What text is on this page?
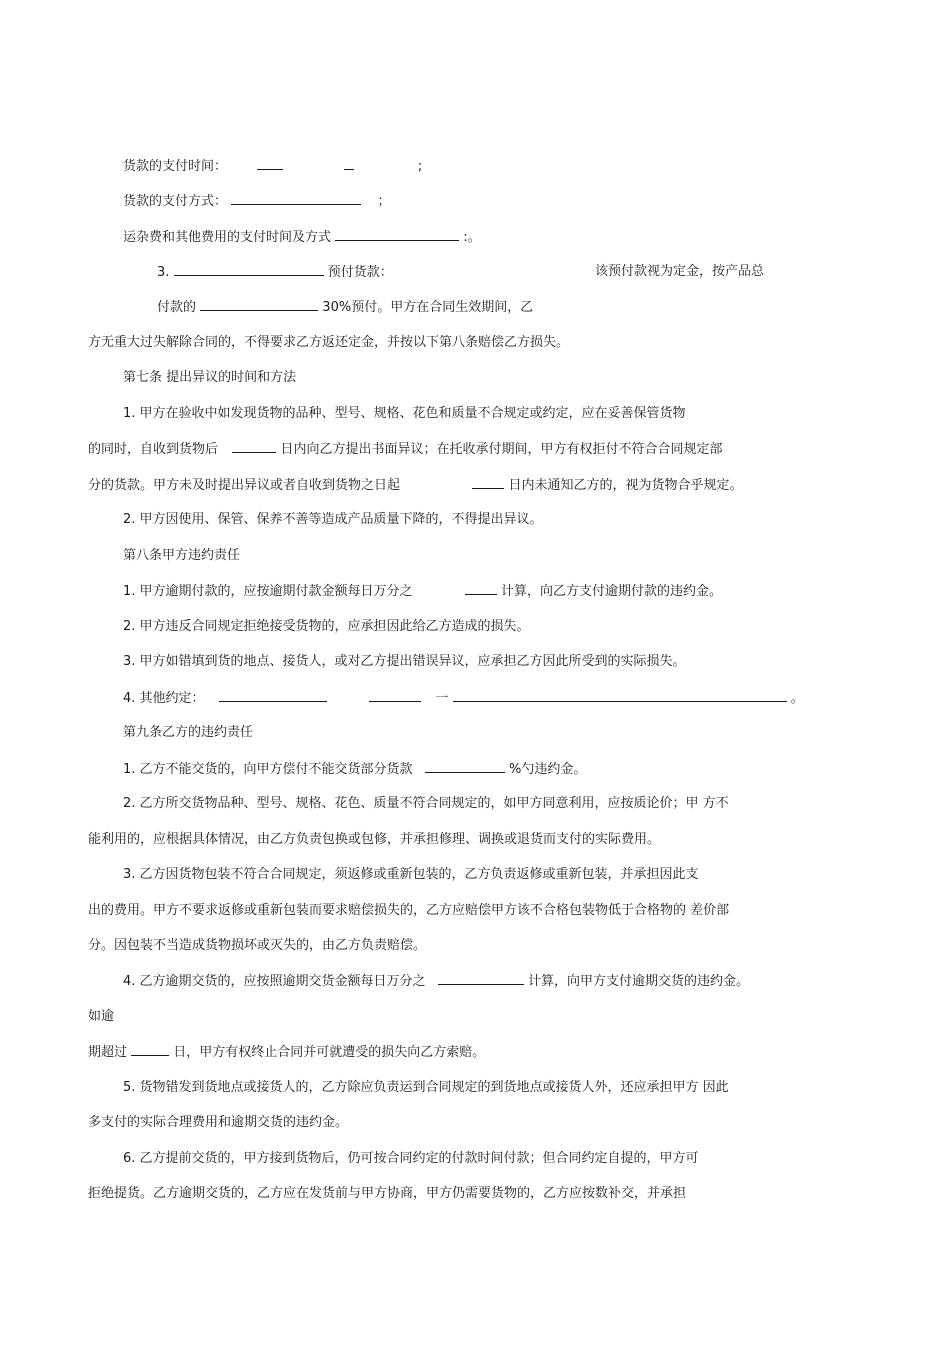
货款的支付时间：	;
货款的支付方式：	；
运杂费和其他费用的支付时间及方式	:。
3.	预付货款：	该预付款视为定金，按产品总
付款的	30%预付。甲方在合同生效期间，乙
方无重大过失解除合同的，不得要求乙方返还定金，并按以下第八条赔偿乙方损失。
第七条 提出异议的时间和方法
1. 甲方在验收中如发现货物的品种、型号、规格、花色和质量不合规定或约定，应在妥善保管货物
的同时，自收到货物后	日内向乙方提出书面异议；在托收承付期间，甲方有权拒付不符合合同规定部
分的货款。甲方未及时提出异议或者自收到货物之日起	日内未通知乙方的，视为货物合乎规定。
2. 甲方因使用、保管、保养不善等造成产品质量下降的，不得提出异议。
第八条甲方违约责任
1. 甲方逾期付款的，应按逾期付款金额每日万分之	计算，向乙方支付逾期付款的违约金。
2. 甲方违反合同规定拒绝接受货物的，应承担因此给乙方造成的损失。
3. 甲方如错填到货的地点、接货人，或对乙方提出错误异议，应承担乙方因此所受到的实际损失。
4. 其他约定：	一	。
第九条乙方的违约责任
1. 乙方不能交货的，向甲方偿付不能交货部分货款	%勺违约金。
2. 乙方所交货物品种、型号、规格、花色、质量不符合同规定的，如甲方同意利用，应按质论价；甲 方不
能利用的，应根据具体情况，由乙方负责包换或包修，并承担修理、调换或退货而支付的实际费用。
3. 乙方因货物包装不符合合同规定，须返修或重新包装的，乙方负责返修或重新包装，并承担因此支
出的费用。甲方不要求返修或重新包装而要求赔偿损失的，乙方应赔偿甲方该不合格包装物低于合格物的 差价部
分。因包装不当造成货物损坏或灭失的，由乙方负责赔偿。
4. 乙方逾期交货的，应按照逾期交货金额每日万分之	计算，向甲方支付逾期交货的违约金。
如逾
期超过	日，甲方有权终止合同并可就遭受的损失向乙方索赔。
5. 货物错发到货地点或接货人的，乙方除应负责运到合同规定的到货地点或接货人外，还应承担甲方 因此
多支付的实际合理费用和逾期交货的违约金。
6. 乙方提前交货的，甲方接到货物后，仍可按合同约定的付款时间付款；但合同约定自提的，甲方可
拒绝提货。乙方逾期交货的，乙方应在发货前与甲方协商，甲方仍需要货物的，乙方应按数补交，并承担
